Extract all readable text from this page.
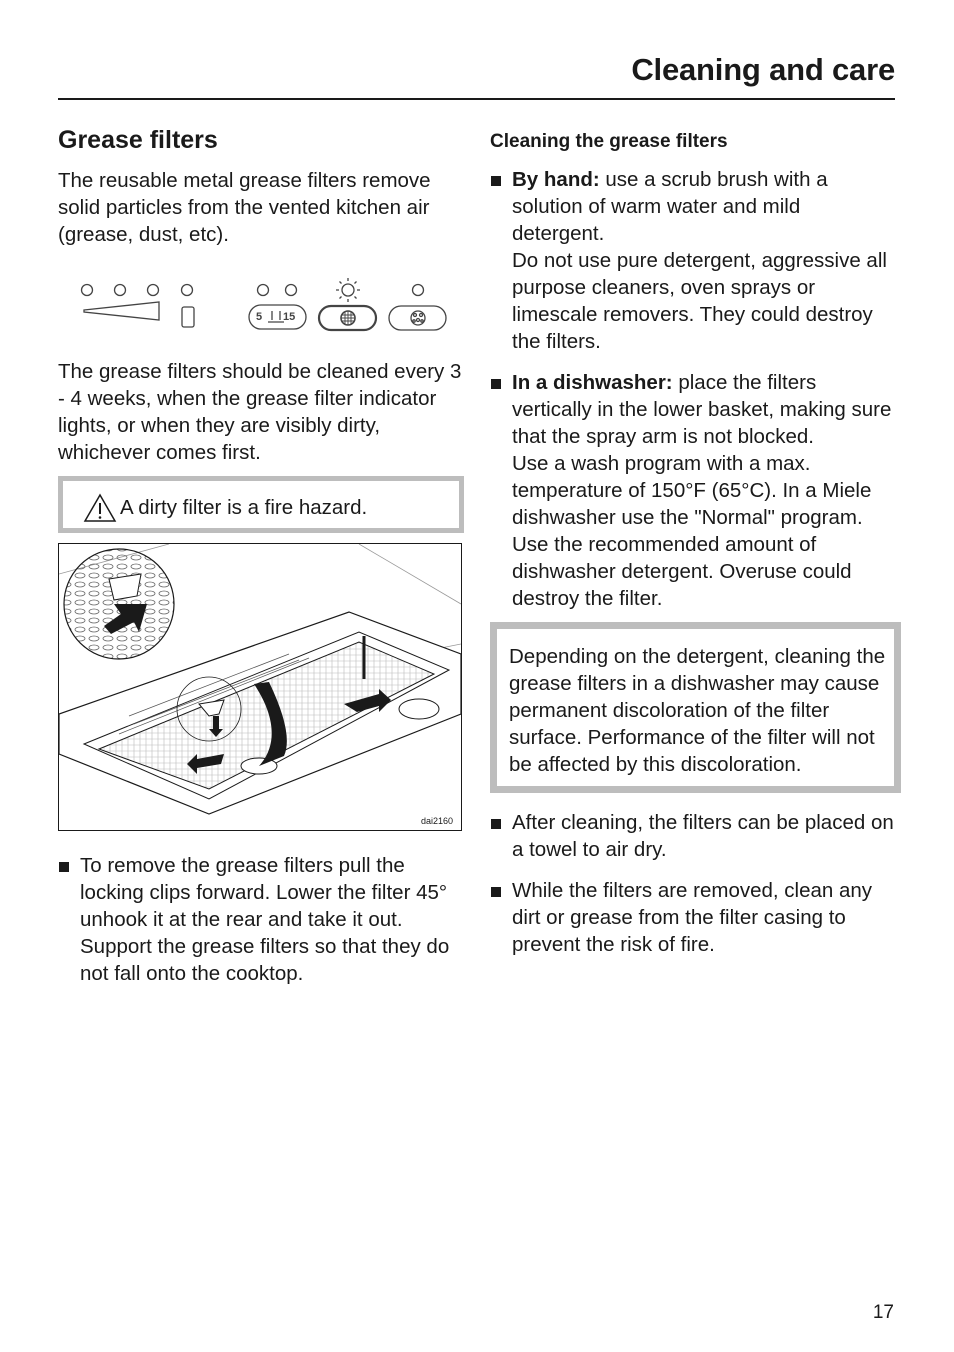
Cleaning and care
Grease filters

The reusable metal grease filters remove solid particles from the vented kitchen air (grease, dust, etc).

5 15

The grease filters should be cleaned every 3 - 4 weeks, when the grease filter indicator lights, or when they are visibly dirty, whichever comes first.

A dirty filter is a fire hazard.
dai2160
To remove the grease filters pull the locking clips forward. Lower the filter 45° unhook it at the rear and take it out. Support the grease filters so that they do not fall onto the cooktop.
Cleaning the grease filters
By hand: use a scrub brush with a solution of warm water and mild detergent.
Do not use pure detergent, aggressive all purpose cleaners, oven sprays or limescale removers. They could destroy the filters.
In a dishwasher: place the filters vertically in the lower basket, making sure that the spray arm is not blocked.
Use a wash program with a max. temperature of 150°F (65°C). In a Miele dishwasher use the "Normal" program.
Use the recommended amount of dishwasher detergent. Overuse could destroy the filter.
Depending on the detergent, cleaning the grease filters in a dishwasher may cause permanent discoloration of the filter surface. Performance of the filter will not be affected by this discoloration.
After cleaning, the filters can be placed on a towel to air dry.
While the filters are removed, clean any dirt or grease from the filter casing to prevent the risk of fire.
17
